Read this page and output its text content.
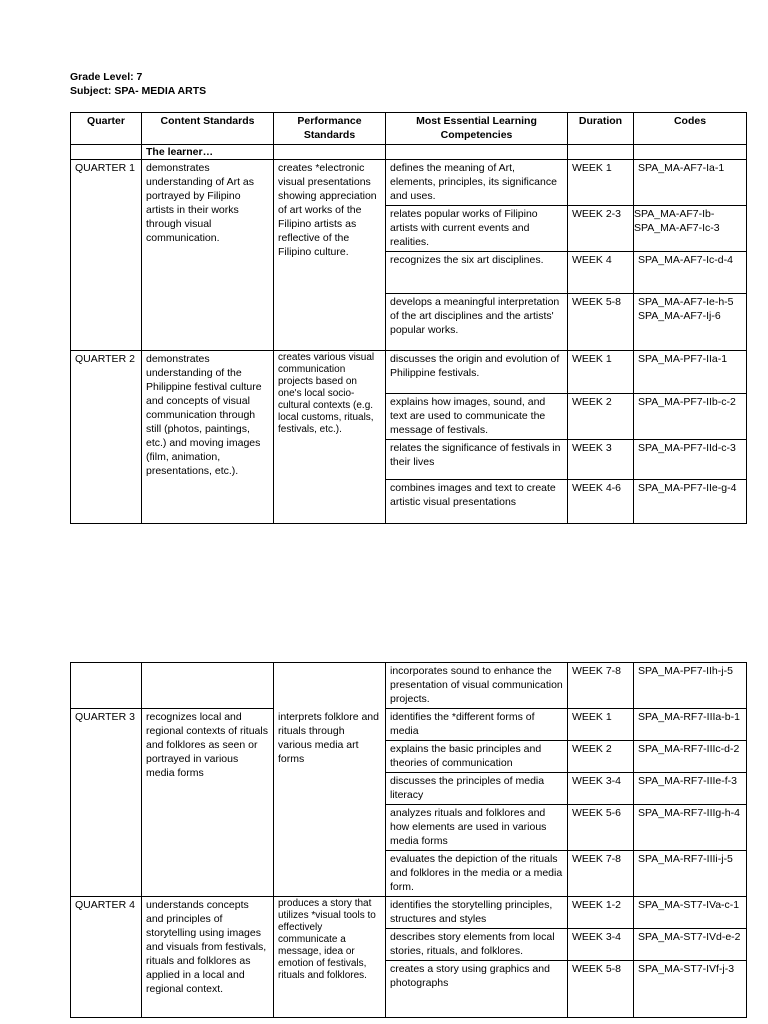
Grade Level: 7
Subject: SPA- MEDIA ARTS
Quarter	Content Standards	Performance Standards	Most Essential Learning Competencies	Duration	Codes
	The learner…				
QUARTER 1	demonstrates understanding of Art as portrayed by Filipino artists in their works through visual communication.	creates *electronic visual presentations showing appreciation of art works of the Filipino artists as reflective of the Filipino culture.	defines the meaning of Art, elements, principles, its significance and uses.	WEEK 1	SPA_MA-AF7-Ia-1
			relates popular works of Filipino artists with current events and realities.	WEEK 2-3	SPA_MA-AF7-Ib-
SPA_MA-AF7-Ic-3

			recognizes the six art disciplines.	WEEK 4	SPA_MA-AF7-Ic-d-4
			develops a meaningful interpretation of the art disciplines and the artists' popular works.	WEEK 5-8	SPA_MA-AF7-Ie-h-5
SPA_MA-AF7-Ij-6

QUARTER 2	demonstrates understanding of the Philippine festival culture and concepts of visual communication through still (photos, paintings, etc.) and moving images (film, animation, presentations, etc.).	creates various visual communication projects based on one's local socio-cultural contexts (e.g. local customs, rituals, festivals, etc.).	discusses the origin and evolution of Philippine festivals.	WEEK 1	SPA_MA-PF7-IIa-1
			explains how images, sound, and text are used to communicate the message of festivals.	WEEK 2	SPA_MA-PF7-IIb-c-2
			relates the significance of festivals in their lives	WEEK 3	SPA_MA-PF7-IId-c-3
			combines images and text to create artistic visual presentations	WEEK 4-6	SPA_MA-PF7-IIe-g-4
			incorporates sound to enhance the presentation of visual communication projects.	WEEK 7-8	SPA_MA-PF7-IIh-j-5
QUARTER 3	recognizes local and regional contexts of rituals and folklores as seen or portrayed in various media forms	interprets folklore and rituals through various media art forms	identifies the *different forms of media	WEEK 1	SPA_MA-RF7-IIIa-b-1
			explains the basic principles and theories of communication	WEEK 2	SPA_MA-RF7-IIIc-d-2
			discusses the principles of media literacy	WEEK 3-4	SPA_MA-RF7-IIIe-f-3
			analyzes rituals and folklores and how elements are used in various media forms	WEEK 5-6	SPA_MA-RF7-IIIg-h-4
			evaluates the depiction of the rituals and folklores in the media or a media form.	WEEK 7-8	SPA_MA-RF7-IIIi-j-5
QUARTER 4	understands concepts and principles of storytelling using images and visuals from festivals, rituals and folklores as applied in a local and regional context.	produces a story that utilizes *visual tools to effectively communicate a message, idea or emotion of festivals, rituals and folklores.	identifies the storytelling principles, structures and styles	WEEK 1-2	SPA_MA-ST7-IVa-c-1
			describes story elements from local stories, rituals, and folklores.	WEEK 3-4	SPA_MA-ST7-IVd-e-2
			creates a story using graphics and photographs	WEEK 5-8	SPA_MA-ST7-IVf-j-3
